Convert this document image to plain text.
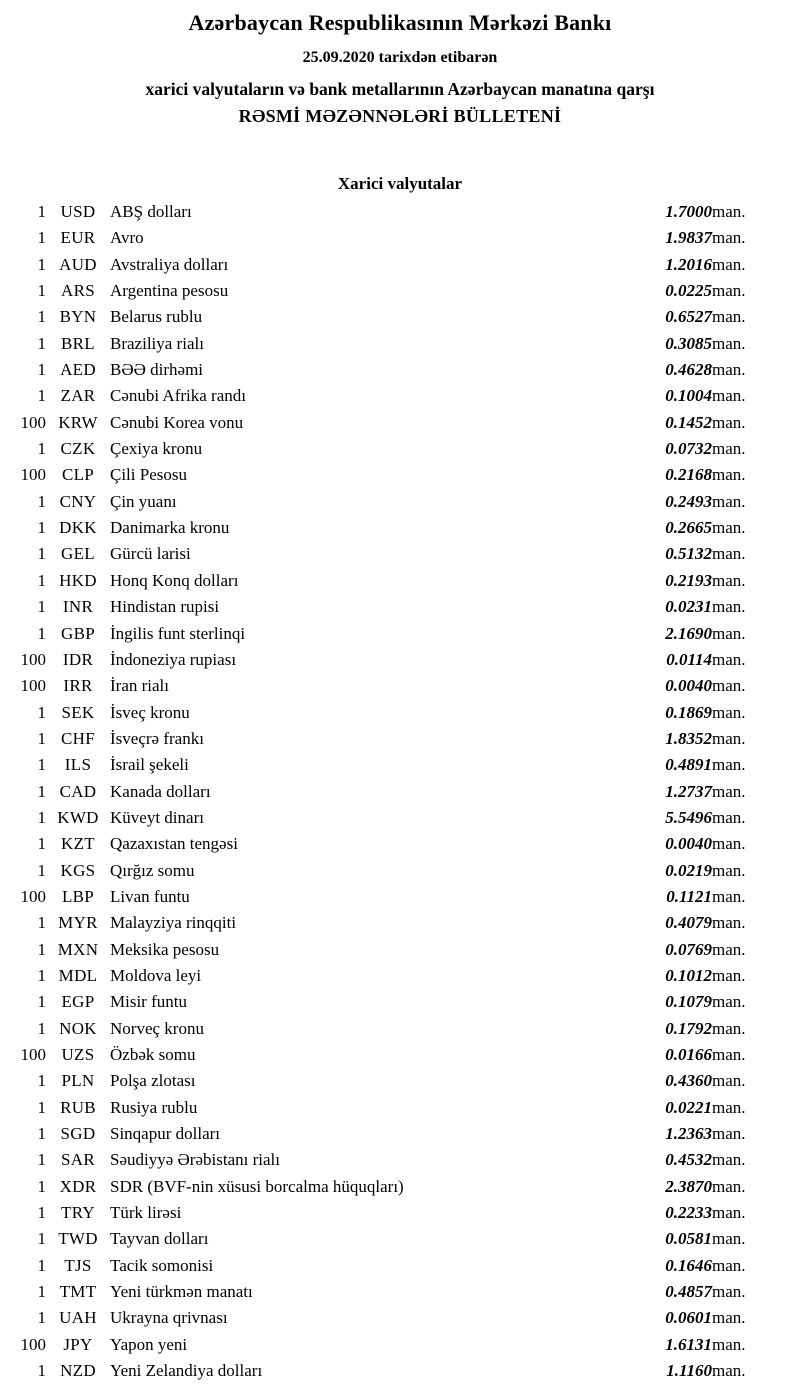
Azərbaycan Respublikasının Mərkəzi Bankı
25.09.2020 tarixdən etibarən
xarici valyutaların və bank metallarının Azərbaycan manatına qarşı
RƏSMİ MƏZƏNNƏLƏRİ BÜLLETENİ
Xarici valyutalar
1	USD	ABŞ dolları	1.7000	man.
1	EUR	Avro	1.9837	man.
1	AUD	Avstraliya dolları	1.2016	man.
1	ARS	Argentina pesosu	0.0225	man.
1	BYN	Belarus rublu	0.6527	man.
1	BRL	Braziliya rialı	0.3085	man.
1	AED	BƏƏ dirhəmi	0.4628	man.
1	ZAR	Cənubi Afrika randı	0.1004	man.
100	KRW	Cənubi Korea vonu	0.1452	man.
1	CZK	Çexiya kronu	0.0732	man.
100	CLP	Çili Pesosu	0.2168	man.
1	CNY	Çin yuanı	0.2493	man.
1	DKK	Danimarka kronu	0.2665	man.
1	GEL	Gürcü larisi	0.5132	man.
1	HKD	Honq Konq dolları	0.2193	man.
1	INR	Hindistan rupisi	0.0231	man.
1	GBP	İngilis funt sterlinqi	2.1690	man.
100	IDR	İndoneziya rupiası	0.0114	man.
100	IRR	İran rialı	0.0040	man.
1	SEK	İsveç kronu	0.1869	man.
1	CHF	İsveçrə frankı	1.8352	man.
1	ILS	İsrail şekeli	0.4891	man.
1	CAD	Kanada dolları	1.2737	man.
1	KWD	Küveyt dinarı	5.5496	man.
1	KZT	Qazaxıstan tengəsi	0.0040	man.
1	KGS	Qırğız somu	0.0219	man.
100	LBP	Livan funtu	0.1121	man.
1	MYR	Malayziya rinqqiti	0.4079	man.
1	MXN	Meksika pesosu	0.0769	man.
1	MDL	Moldova leyi	0.1012	man.
1	EGP	Misir funtu	0.1079	man.
1	NOK	Norveç kronu	0.1792	man.
100	UZS	Özbək somu	0.0166	man.
1	PLN	Polşa zlotası	0.4360	man.
1	RUB	Rusiya rublu	0.0221	man.
1	SGD	Sinqapur dolları	1.2363	man.
1	SAR	Səudiyyə Ərəbistanı rialı	0.4532	man.
1	XDR	SDR (BVF-nin xüsusi borcalma hüquqları)	2.3870	man.
1	TRY	Türk lirəsi	0.2233	man.
1	TWD	Tayvan dolları	0.0581	man.
1	TJS	Tacik somonisi	0.1646	man.
1	TMT	Yeni türkmən manatı	0.4857	man.
1	UAH	Ukrayna qrivnası	0.0601	man.
100	JPY	Yapon yeni	1.6131	man.
1	NZD	Yeni Zelandiya dolları	1.1160	man.
